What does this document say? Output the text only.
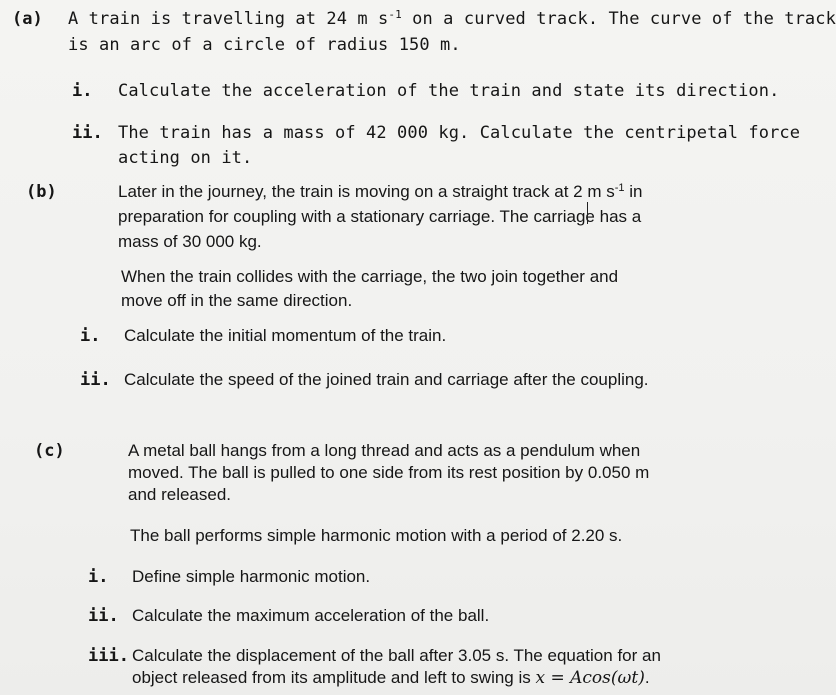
(a) A train is travelling at 24 m $s^{-1}$ on a curved track. The curve of the track
is an arc of a circle of radius 150 m.
i. Calculate the acceleration of the train and state its direction.
ii. The train has a mass of 42 000 kg. Calculate the centripetal force
acting on it.
(b)	Later in the journey, the train is moving on a straight track at 2 m $s^{-1}$ in
preparation for coupling with a stationary carriage. The carriage has a
mass of 30 000 kg.
When the train collides with the carriage, the two join together and
move off in the same direction.
i. Calculate the initial momentum of the train.
ii. Calculate the speed of the joined train and carriage after the coupling.
(c)	A metal ball hangs from a long thread and acts as a pendulum when
moved. The ball is pulled to one side from its rest position by 0.050 m
and released.
The ball performs simple harmonic motion with a period of 2.20 s.
i. Define simple harmonic motion.
ii. Calculate the maximum acceleration of the ball.
iii. Calculate the displacement of the ball after 3.05 s. The equation for an
object released from its amplitude and left to swing is x = Acos(ωt).
